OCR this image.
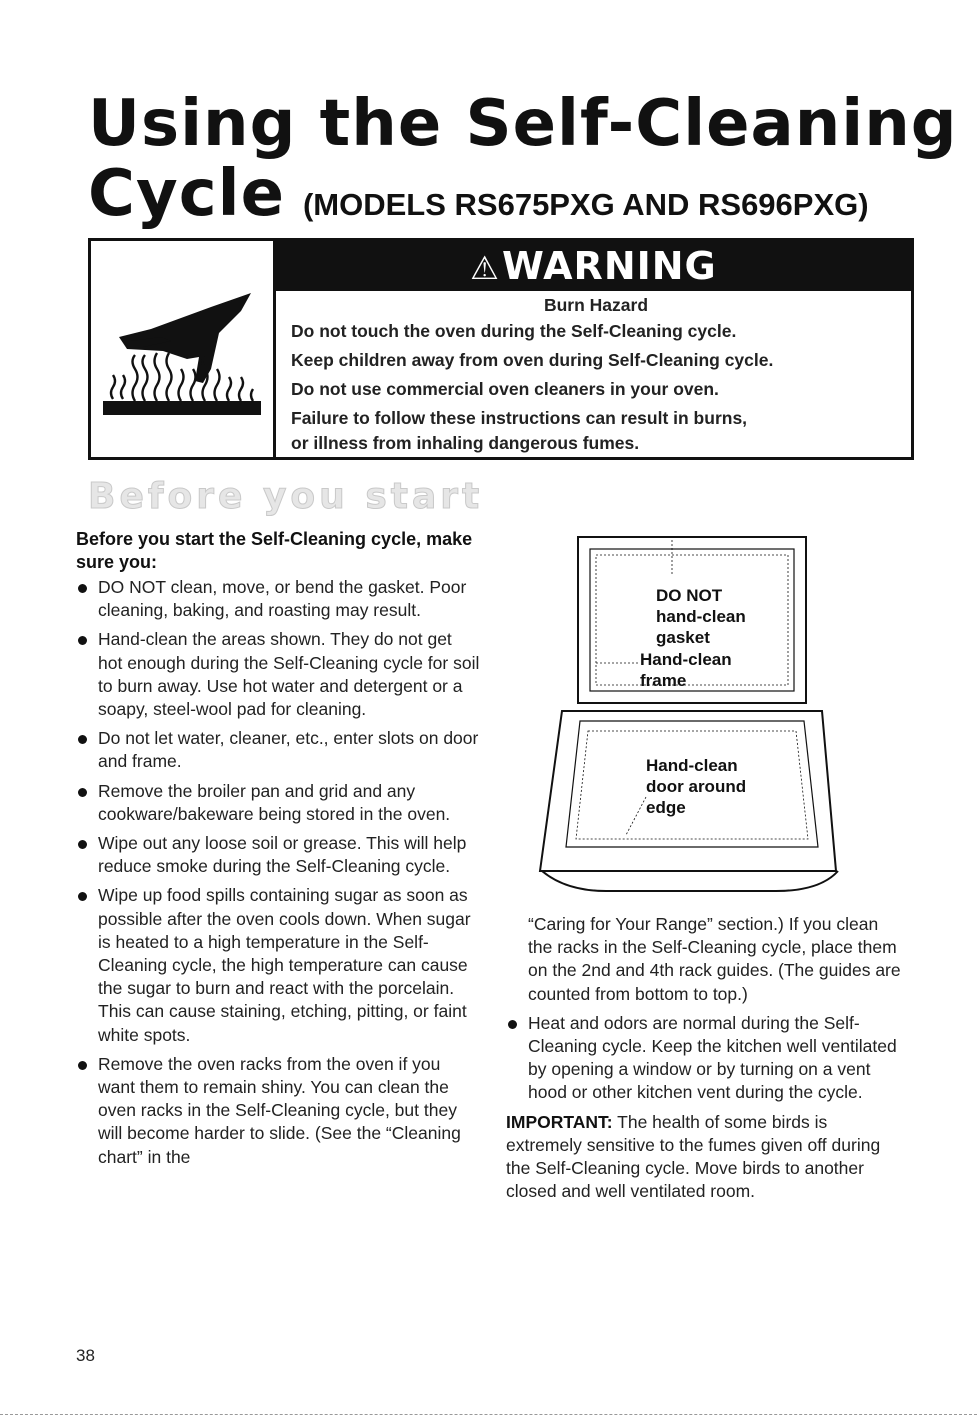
Using the Self-Cleaning
Cycle (MODELS RS675PXG AND RS696PXG)
⚠WARNING
Burn Hazard
Do not touch the oven during the Self-Cleaning cycle.
Keep children away from oven during Self-Cleaning cycle.
Do not use commercial oven cleaners in your oven.
Failure to follow these instructions can result in burns,
or illness from inhaling dangerous fumes.
Before you start
Before you start the Self-Cleaning cycle, make sure you:
DO NOT clean, move, or bend the gasket. Poor cleaning, baking, and roasting may result.
Hand-clean the areas shown. They do not get hot enough during the Self-Cleaning cycle for soil to burn away. Use hot water and detergent or a soapy, steel-wool pad for cleaning.
Do not let water, cleaner, etc., enter slots on door and frame.
Remove the broiler pan and grid and any cookware/bakeware being stored in the oven.
Wipe out any loose soil or grease. This will help reduce smoke during the Self-Cleaning cycle.
Wipe up food spills containing sugar as soon as possible after the oven cools down. When sugar is heated to a high temperature in the Self-Cleaning cycle, the high temperature can cause the sugar to burn and react with the porcelain. This can cause staining, etching, pitting, or faint white spots.
Remove the oven racks from the oven if you want them to remain shiny. You can clean the oven racks in the Self-Cleaning cycle, but they will become harder to slide. (See the “Cleaning chart” in the
DO NOT
hand-clean
gasket
Hand-clean
frame
Hand-clean
door around
edge
“Caring for Your Range” section.) If you clean the racks in the Self-Cleaning cycle, place them on the 2nd and 4th rack guides. (The guides are counted from bottom to top.)
Heat and odors are normal during the Self-Cleaning cycle. Keep the kitchen well ventilated by opening a window or by turning on a vent hood or other kitchen vent during the cycle.
IMPORTANT: The health of some birds is extremely sensitive to the fumes given off during the Self-Cleaning cycle. Move birds to another closed and well ventilated room.
38
